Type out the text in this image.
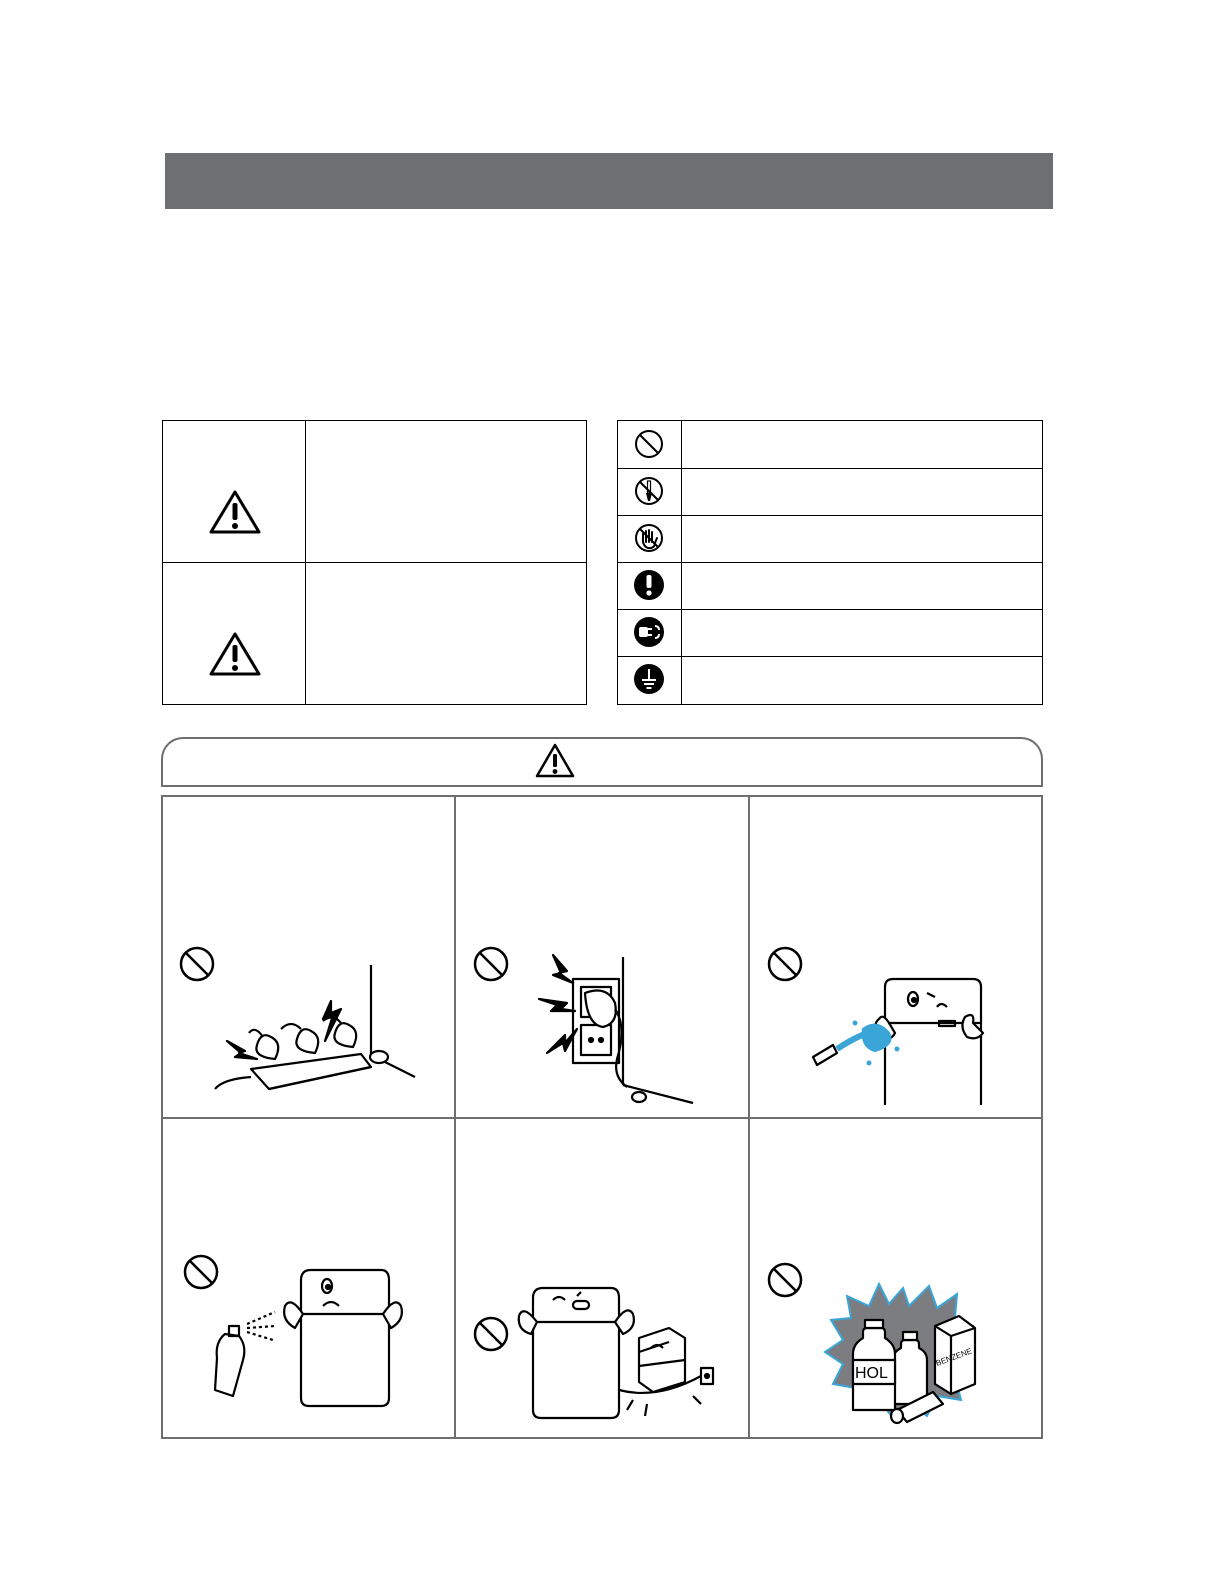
HOL
BENZENE
